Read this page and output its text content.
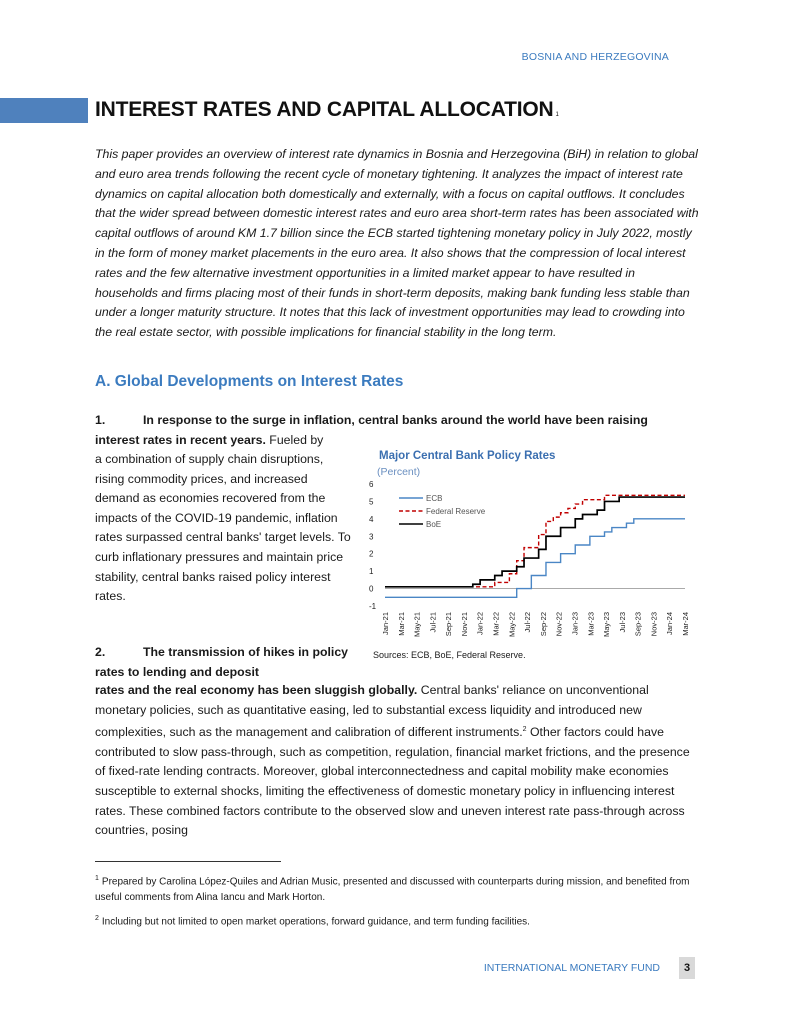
BOSNIA AND HERZEGOVINA
INTEREST RATES AND CAPITAL ALLOCATION $^1$

This paper provides an overview of interest rate dynamics in Bosnia and Herzegovina (BiH) in relation to global and euro area trends following the recent cycle of monetary tightening. It analyzes the impact of interest rate dynamics on capital allocation both domestically and externally, with a focus on capital outflows. It concludes that the wider spread between domestic interest rates and euro area short-term rates has been associated with capital outflows of around KM 1.7 billion since the ECB started tightening monetary policy in July 2022, mostly in the form of money market placements in the euro area. It also shows that the compression of local interest rates and the few alternative investment opportunities in a limited market appear to have resulted in households and firms placing most of their funds in short-term deposits, making bank funding less stable than under a longer maturity structure. It notes that this lack of investment opportunities may lead to crowding into the real estate sector, with possible implications for financial stability in the long term.

A. Global Developments on Interest Rates

1.	In response to the surge in inflation, central banks around the world have been raising
interest rates in recent years. Fueled by

a combination of supply chain disruptions, rising commodity prices, and increased demand as economies recovered from the impacts of the COVID-19 pandemic, inflation rates surpassed central banks' target levels. To curb inflationary pressures and maintain price stability, central banks raised policy interest rates.

2.	The transmission of hikes in policy rates to lending and deposit

rates and the real economy has been sluggish globally. Central banks' reliance on unconventional monetary policies, such as quantitative easing, led to substantial excess liquidity and introduced new complexities, such as the management and calibration of different instruments.$^2$ Other factors could have contributed to slow pass-through, such as competition, regulation, financial market frictions, and the presence of fixed-rate lending contracts. Moreover, global interconnectedness and capital mobility make economies susceptible to external shocks, limiting the effectiveness of domestic monetary policy in influencing interest rates. These combined factors contribute to the observed slow and uneven interest rate pass-through across countries, posing

Major Central Bank Policy Rates
(Percent)
-1
0
1
2
3
4
5
6
Jan-21 Mar-21 May-21 Jul-21 Sep-21 Nov-21 Jan-22 Mar-22 May-22 Jul-22 Sep-22 Nov-22 Jan-23 Mar-23 May-23 Jul-23 Sep-23 Nov-23 Jan-24 Mar-24
ECB
Federal Reserve
BoE
Sources: ECB, BoE, Federal Reserve.

$^1$ Prepared by Carolina López-Quiles and Adrian Music, presented and discussed with counterparts during mission, and benefited from useful comments from Alina Iancu and Mark Horton.

$^2$ Including but not limited to open market operations, forward guidance, and term funding facilities.

INTERNATIONAL MONETARY FUND	3
